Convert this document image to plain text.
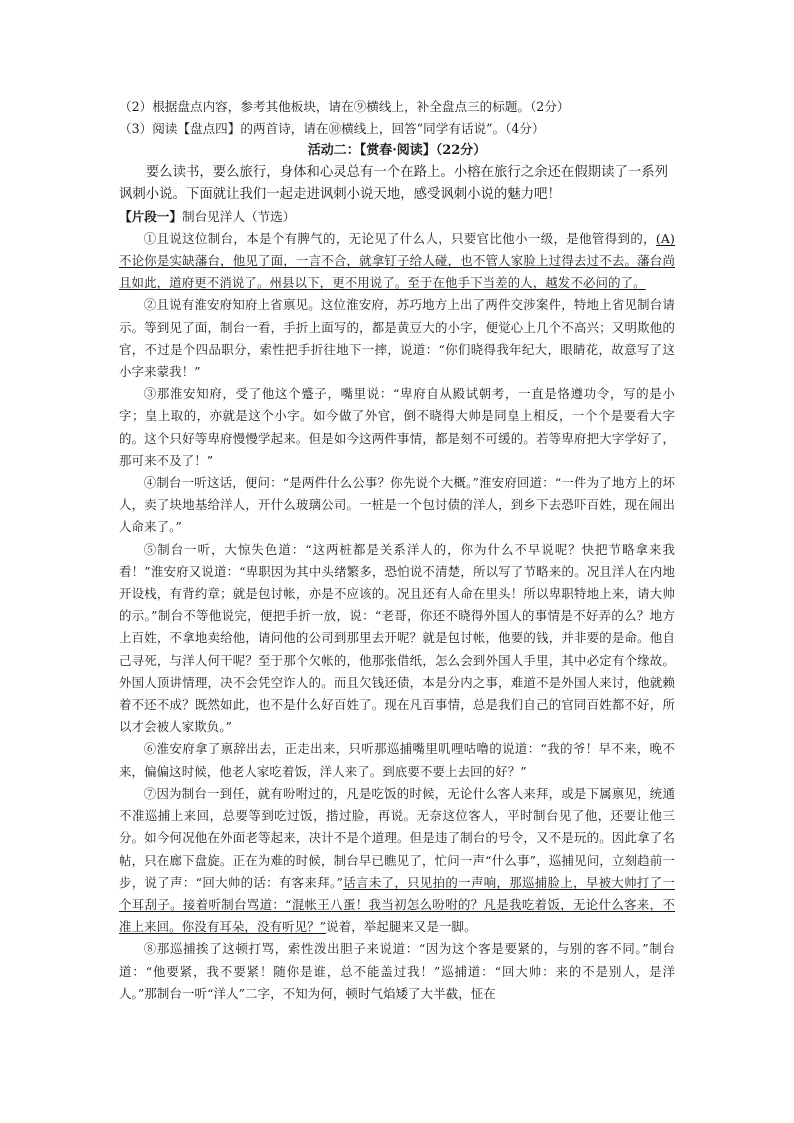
（2）根据盘点内容，参考其他板块，请在⑨横线上，补全盘点三的标题。（2分）

（3）阅读【盘点四】的两首诗，请在⑩横线上，回答“同学有话说”。（4分）

活动二：【赏春·阅读】（22分）

要么读书，要么旅行，身体和心灵总有一个在路上。小榕在旅行之余还在假期读了一系列讽刺小说。下面就让我们一起走进讽刺小说天地，感受讽刺小说的魅力吧！

【片段一】制台见洋人（节选）

①且说这位制台，本是个有脾气的，无论见了什么人，只要官比他小一级，是他管得到的，(A) 不论你是实缺藩台，他见了面，一言不合，就拿钉子给人碰，也不管人家脸上过得去过不去。藩台尚且如此，道府更不消说了。州县以下，更不用说了。至于在他手下当差的人，越发不必问的了。

②且说有淮安府知府上省禀见。这位淮安府，苏巧地方上出了两件交涉案件，特地上省见制台请示。等到见了面，制台一看，手折上面写的，都是黄豆大的小字，便觉心上几个不高兴；又明欺他的官，不过是个四品职分，索性把手折往地下一摔，说道：“你们晓得我年纪大，眼睛花，故意写了这小字来蒙我！”

③那淮安知府，受了他这个蹙子，嘴里说：“卑府自从殿试朝考，一直是恪遵功令，写的是小字；皇上取的，亦就是这个小字。如今做了外官，倒不晓得大帅是同皇上相反，一个个是要看大字的。这个只好等卑府慢慢学起来。但是如今这两件事情，都是刻不可缓的。若等卑府把大字学好了，那可来不及了！”

④制台一听这话，便问：“是两件什么公事？你先说个大概。”淮安府回道：“一件为了地方上的坏人，卖了块地基给洋人，开什么玻璃公司。一桩是一个包讨债的洋人，到乡下去恐吓百姓，现在闹出人命来了。”

⑤制台一听，大惊失色道：“这两桩都是关系洋人的，你为什么不早说呢？快把节略拿来我看！”淮安府又说道：“卑职因为其中头绪繁多，恐怕说不清楚，所以写了节略来的。况且洋人在内地开设栈，有背约章；就是包讨帐，亦是不应该的。况且还有人命在里头！所以卑职特地上来，请大帅的示。”制台不等他说完，便把手折一放，说：“老哥，你还不晓得外国人的事情是不好弄的么？地方上百姓，不拿地卖给他，请问他的公司到那里去开呢？就是包讨帐，他要的钱，并非要的是命。他自己寻死，与洋人何干呢？至于那个欠帐的，他那张借纸，怎么会到外国人手里，其中必定有个缘故。外国人顶讲情理，决不会凭空诈人的。而且欠钱还债，本是分内之事，难道不是外国人来讨，他就赖着不还不成？既然如此，也不是什么好百姓了。现在凡百事情，总是我们自己的官同百姓都不好，所以才会被人家欺负。”

⑥淮安府拿了禀辞出去，正走出来，只听那巡捕嘴里叽哩咕噜的说道：“我的爷！早不来，晚不来，偏偏这时候，他老人家吃着饭，洋人来了。到底要不要上去回的好？”

⑦因为制台一到任，就有吩咐过的，凡是吃饭的时候，无论什么客人来拜，或是下属禀见，统通不准巡捕上来回，总要等到吃过饭，揩过脸，再说。无奈这位客人，平时制台见了他，还要让他三分。如今何况他在外面老等起来，决计不是个道理。但是违了制台的号令，又不是玩的。因此拿了名帖，只在廊下盘旋。正在为难的时候，制台早已瞧见了，忙问一声“什么事”，巡捕见问，立刻趋前一步，说了声：“回大帅的话：有客来拜。”话言未了，只见拍的一声响，那巡捕脸上，早被大帅打了一个耳刮子。接着听制台骂道：“混帐王八蛋！我当初怎么吩咐的？凡是我吃着饭，无论什么客来，不准上来回。你没有耳朵，没有听见？”说着，举起腿来又是一脚。

⑧那巡捕挨了这顿打骂，索性泼出胆子来说道：“因为这个客是要紧的，与别的客不同。”制台道：“他要紧，我不要紧！随你是谁，总不能盖过我！”巡捕道：“回大帅：来的不是别人，是洋人。”那制台一听“洋人”二字，不知为何，顿时气焰矮了大半截，怔在
